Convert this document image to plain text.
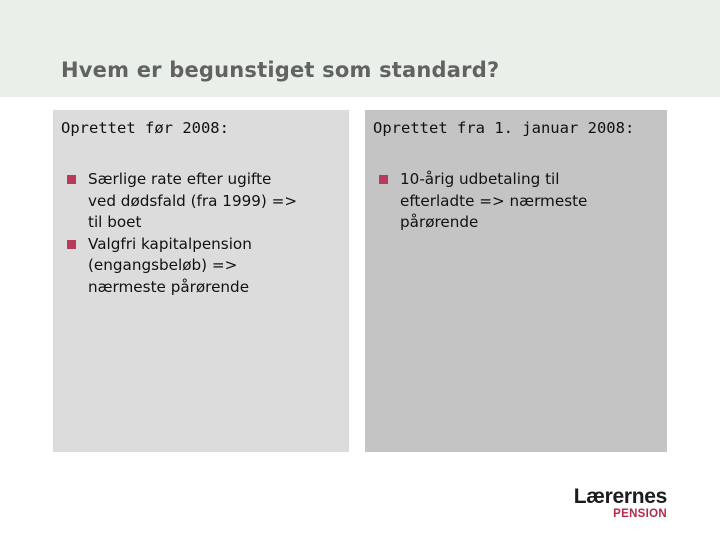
Hvem er begunstiget som standard?
Oprettet før 2008:
Særlige rate efter ugifte
ved dødsfald (fra 1999) =>
til boet
Valgfri kapitalpension
(engangsbeløb) =>
nærmeste pårørende
Oprettet fra 1. januar 2008:
10-årig udbetaling til
efterladte => nærmeste
pårørende
Lærernes
PENSION
